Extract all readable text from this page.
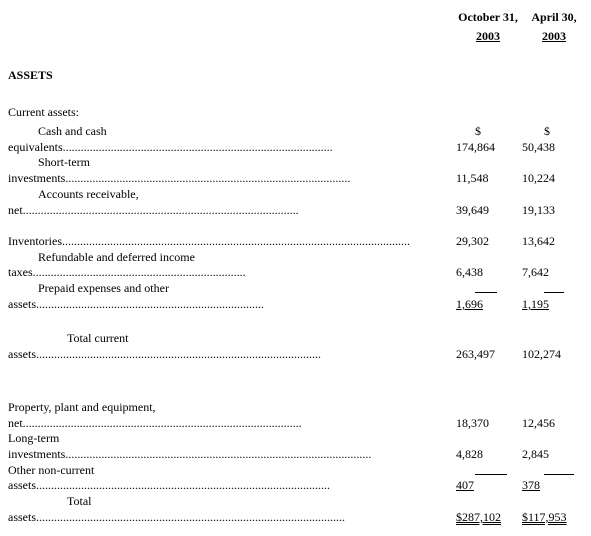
October 31,
2003
April 30,
2003
ASSETS
Current assets:
Cash and cash
equivalents..........................................................................................
$	$
174,864 50,438
Short-term
investments...............................................................................................	11,548	10,224
Accounts receivable,
net............................................................................................	39,649	19,133
Inventories....................................................................................................................	29,302	13,642
Refundable and deferred income
taxes.......................................................................	6,438	7,642
Prepaid expenses and other
assets............................................................................	1,696	1,195
Total current
assets...............................................................................................	263,497 102,274
Property, plant and equipment,
net.............................................................................................	18,370	12,456
Long-term
investments......................................................................................................	4,828	2,845
Other non-current
assets..................................................................................................	407	378
Total
assets.......................................................................................................	$287,102 $117,953
